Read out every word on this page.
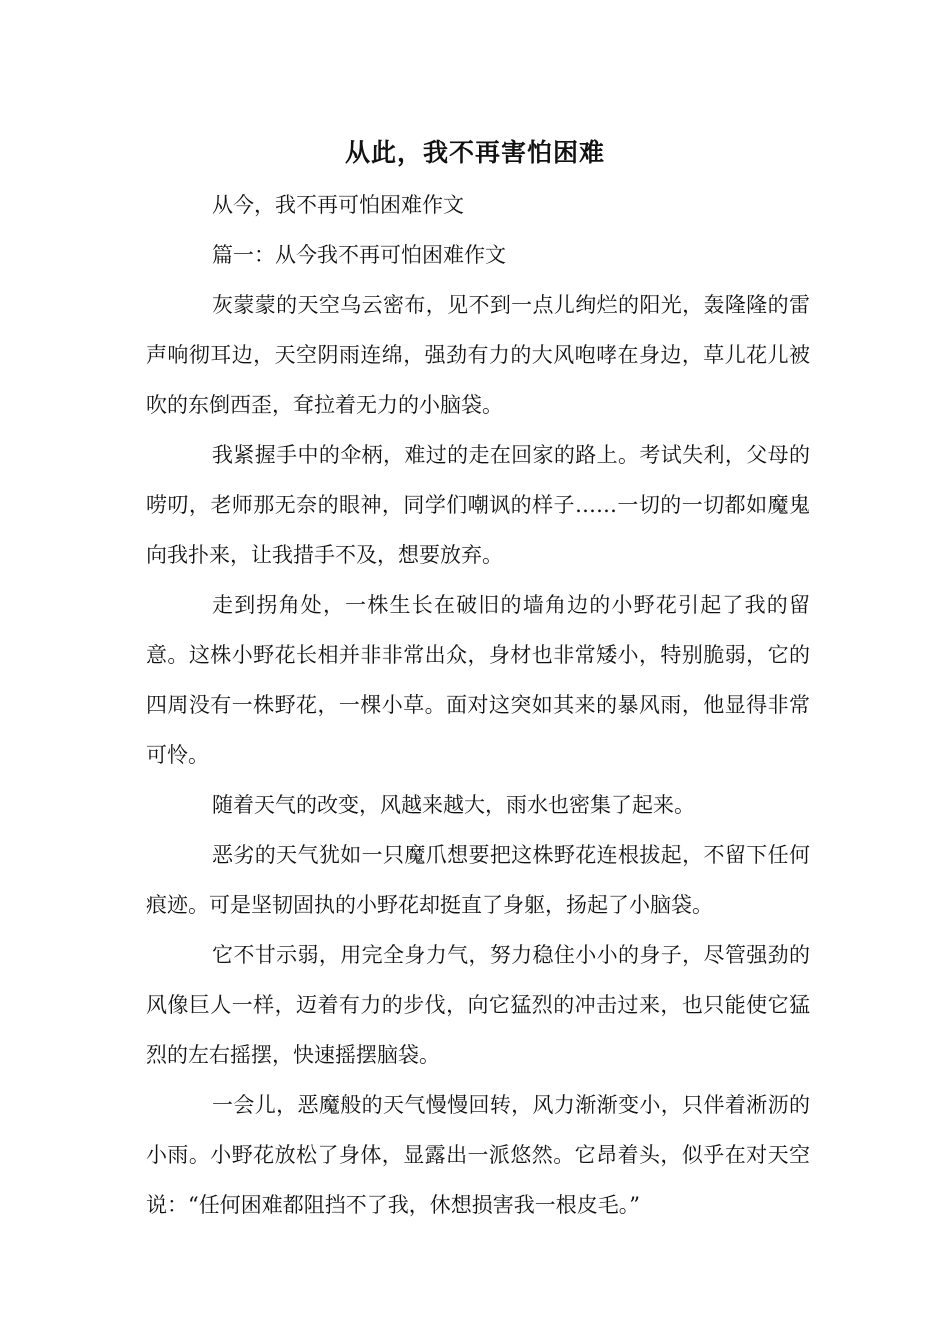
从此，我不再害怕困难

从今，我不再可怕困难作文

篇一：从今我不再可怕困难作文

灰蒙蒙的天空乌云密布，见不到一点儿绚烂的阳光，轰隆隆的雷声响彻耳边，天空阴雨连绵，强劲有力的大风咆哮在身边，草儿花儿被吹的东倒西歪，耷拉着无力的小脑袋。

我紧握手中的伞柄，难过的走在回家的路上。考试失利，父母的唠叨，老师那无奈的眼神，同学们嘲讽的样子……一切的一切都如魔鬼向我扑来，让我措手不及，想要放弃。

走到拐角处，一株生长在破旧的墙角边的小野花引起了我的留意。这株小野花长相并非非常出众，身材也非常矮小，特别脆弱，它的四周没有一株野花，一棵小草。面对这突如其来的暴风雨，他显得非常可怜。

随着天气的改变，风越来越大，雨水也密集了起来。

恶劣的天气犹如一只魔爪想要把这株野花连根拔起，不留下任何痕迹。可是坚韧固执的小野花却挺直了身躯，扬起了小脑袋。

它不甘示弱，用完全身力气，努力稳住小小的身子，尽管强劲的风像巨人一样，迈着有力的步伐，向它猛烈的冲击过来，也只能使它猛烈的左右摇摆，快速摇摆脑袋。

一会儿，恶魔般的天气慢慢回转，风力渐渐变小，只伴着淅沥的小雨。小野花放松了身体，显露出一派悠然。它昂着头，似乎在对天空说：“任何困难都阻挡不了我，休想损害我一根皮毛。”
